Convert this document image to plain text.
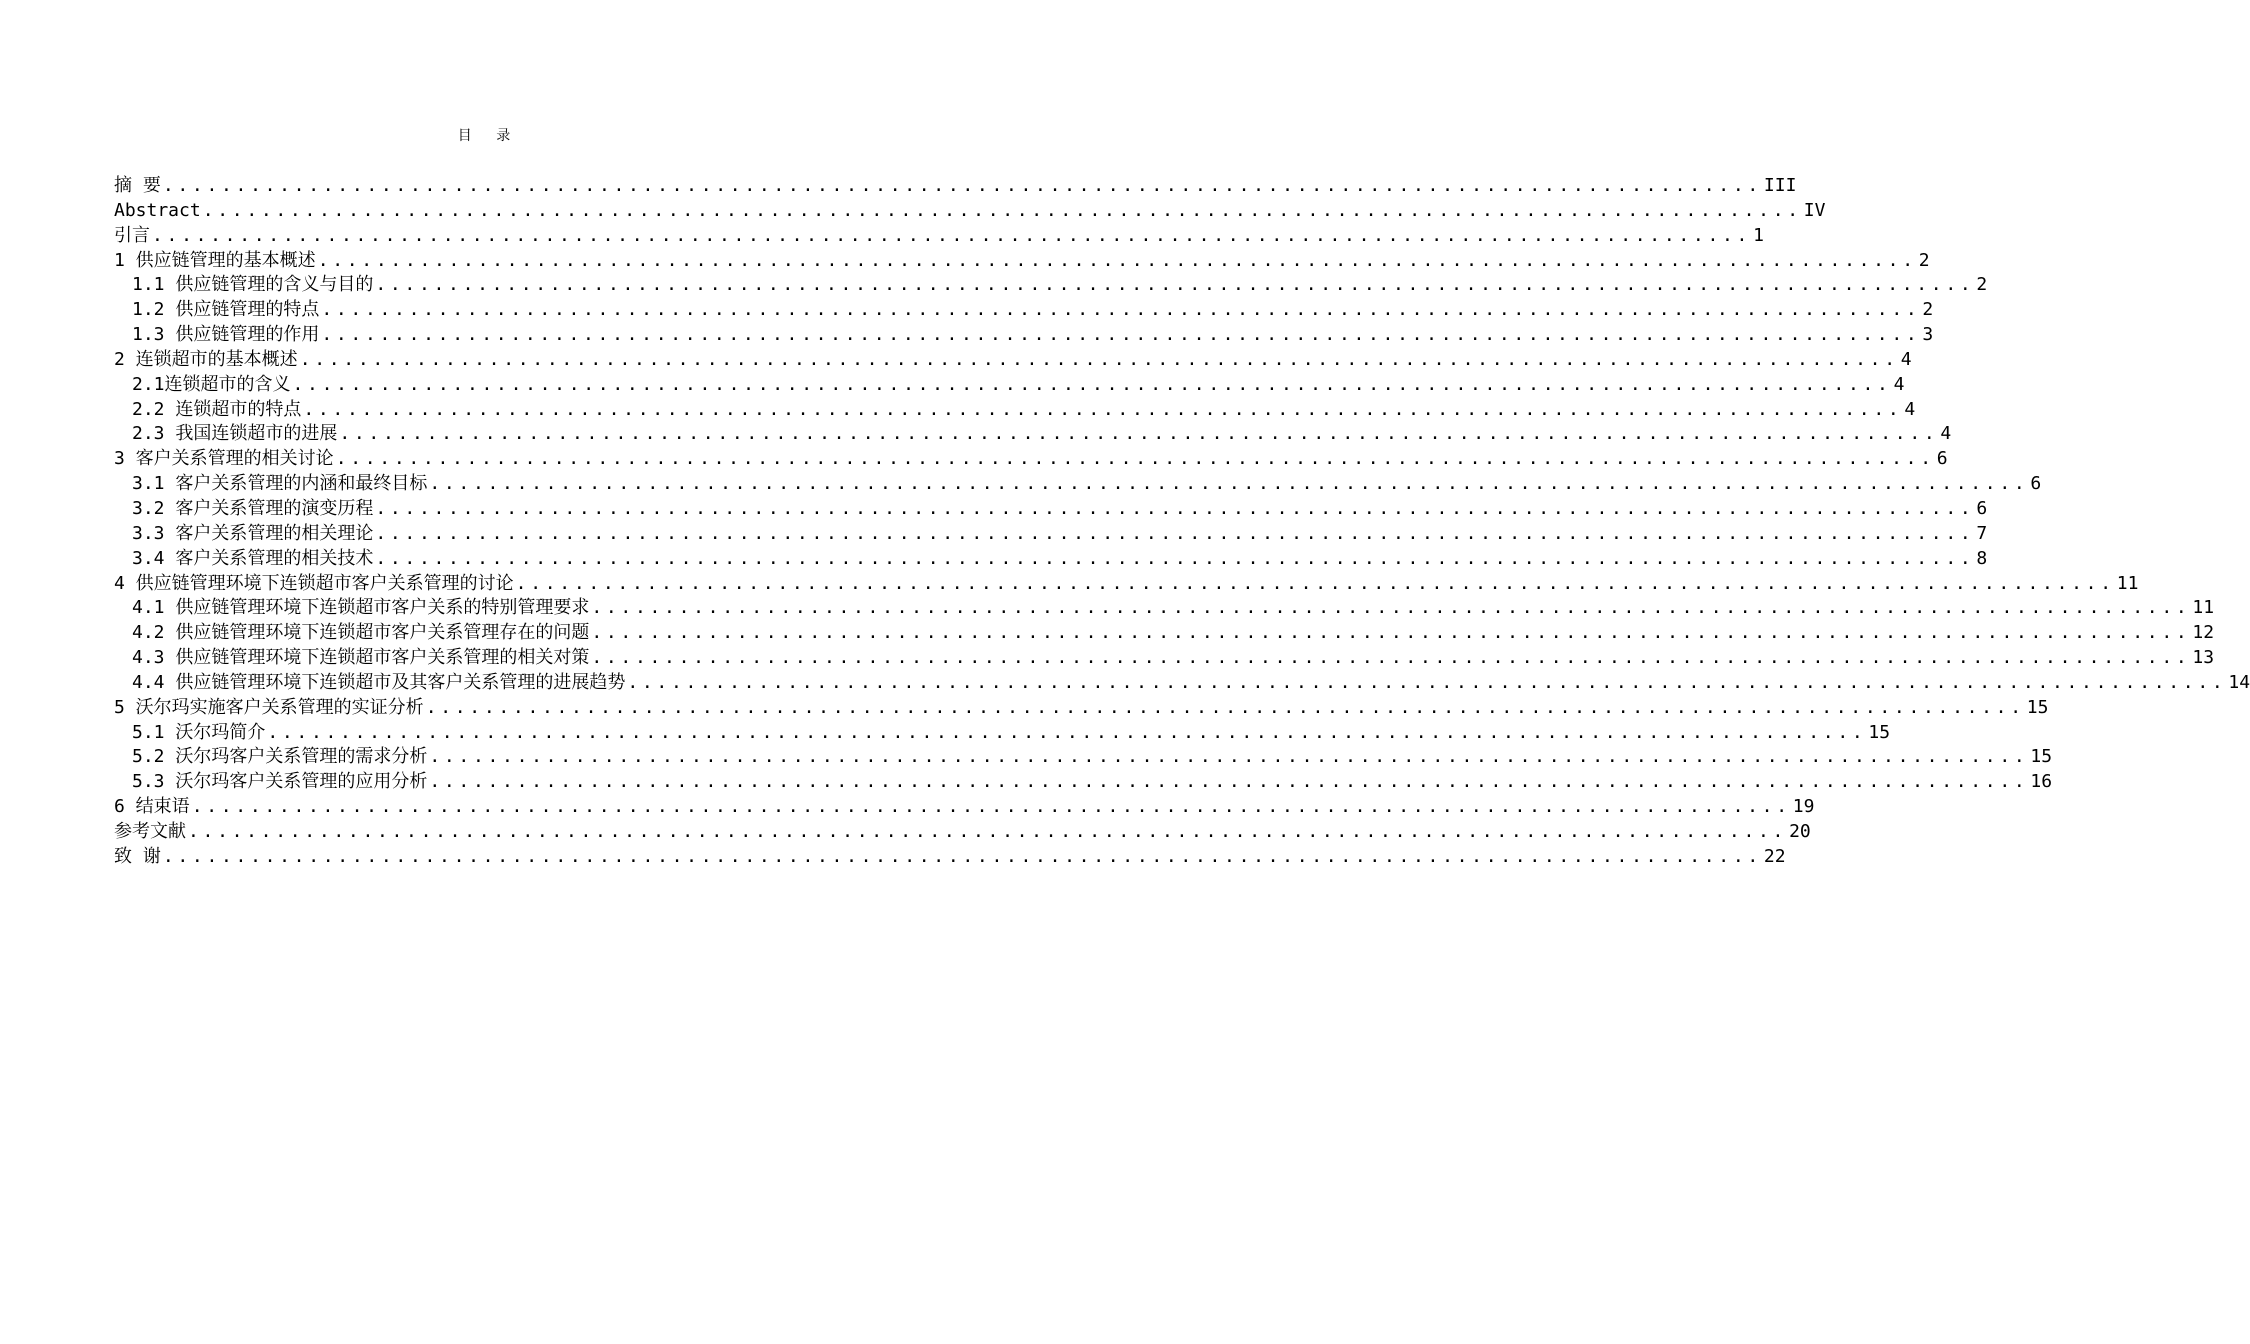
目 录
摘 要 .............................................................................................................. III
Abstract .............................................................................................................. IV
引言 .............................................................................................................. 1
1 供应链管理的基本概述 .............................................................................................................. 2
1.1 供应链管理的含义与目的 .............................................................................................................. 2
1.2 供应链管理的特点 .............................................................................................................. 2
1.3 供应链管理的作用 .............................................................................................................. 3
2 连锁超市的基本概述 .............................................................................................................. 4
2.1连锁超市的含义 .............................................................................................................. 4
2.2 连锁超市的特点 .............................................................................................................. 4
2.3 我国连锁超市的进展 .............................................................................................................. 4
3 客户关系管理的相关讨论 .............................................................................................................. 6
3.1 客户关系管理的内涵和最终目标 .............................................................................................................. 6
3.2 客户关系管理的演变历程 .............................................................................................................. 6
3.3 客户关系管理的相关理论 .............................................................................................................. 7
3.4 客户关系管理的相关技术 .............................................................................................................. 8
4 供应链管理环境下连锁超市客户关系管理的讨论 .............................................................................................................. 11
4.1 供应链管理环境下连锁超市客户关系的特别管理要求 .............................................................................................................. 11
4.2 供应链管理环境下连锁超市客户关系管理存在的问题 .............................................................................................................. 12
4.3 供应链管理环境下连锁超市客户关系管理的相关对策 .............................................................................................................. 13
4.4 供应链管理环境下连锁超市及其客户关系管理的进展趋势 .............................................................................................................. 14
5 沃尔玛实施客户关系管理的实证分析 .............................................................................................................. 15
5.1 沃尔玛简介 .............................................................................................................. 15
5.2 沃尔玛客户关系管理的需求分析 .............................................................................................................. 15
5.3 沃尔玛客户关系管理的应用分析 .............................................................................................................. 16
6 结束语 .............................................................................................................. 19
参考文献 .............................................................................................................. 20
致 谢 .............................................................................................................. 22
